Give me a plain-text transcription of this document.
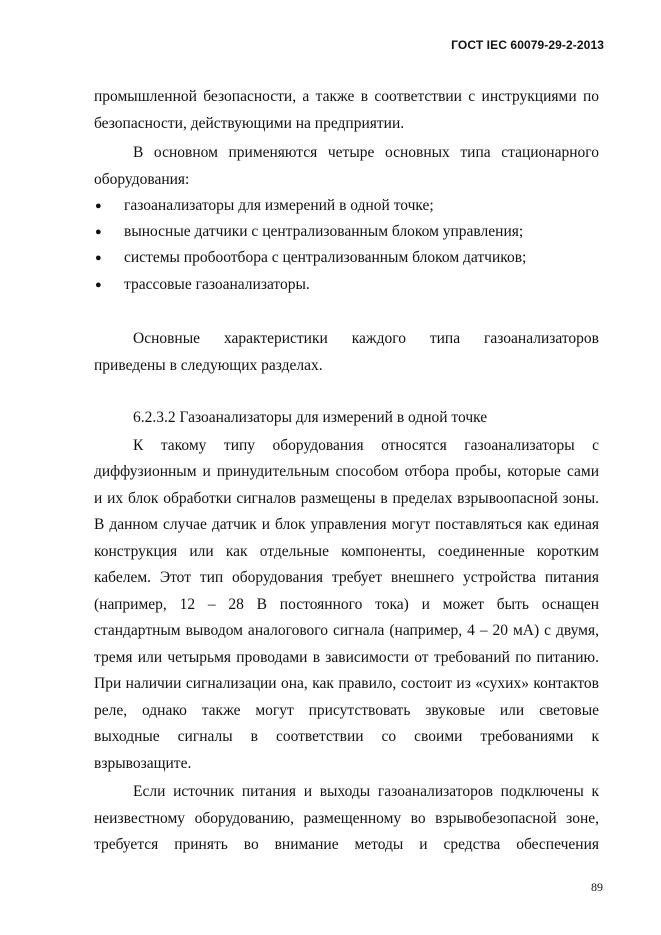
ГОСТ IEC 60079-29-2-2013
промышленной безопасности, а также в соответствии с инструкциями по
безопасности, действующими на предприятии.
В основном применяются четыре основных типа стационарного
оборудования:
● газоанализаторы для измерений в одной точке;
● выносные датчики с централизованным блоком управления;
● системы пробоотбора с централизованным блоком датчиков;
● трассовые газоанализаторы.
Основные характеристики каждого типа газоанализаторов
приведены в следующих разделах.
6.2.3.2 Газоанализаторы для измерений в одной точке
К такому типу оборудования относятся газоанализаторы с
диффузионным и принудительным способом отбора пробы, которые сами
и их блок обработки сигналов размещены в пределах взрывоопасной зоны.
В данном случае датчик и блок управления могут поставляться как единая
конструкция или как отдельные компоненты, соединенные коротким
кабелем. Этот тип оборудования требует внешнего устройства питания
(например, 12 – 28 В постоянного тока) и может быть оснащен
стандартным выводом аналогового сигнала (например, 4 – 20 мА) с двумя,
тремя или четырьмя проводами в зависимости от требований по питанию.
При наличии сигнализации она, как правило, состоит из «сухих» контактов
реле, однако также могут присутствовать звуковые или световые
выходные сигналы в соответствии со своими требованиями к
взрывозащите.
Если источник питания и выходы газоанализаторов подключены к
неизвестному оборудованию, размещенному во взрывобезопасной зоне,
требуется принять во внимание методы и средства обеспечения
89
